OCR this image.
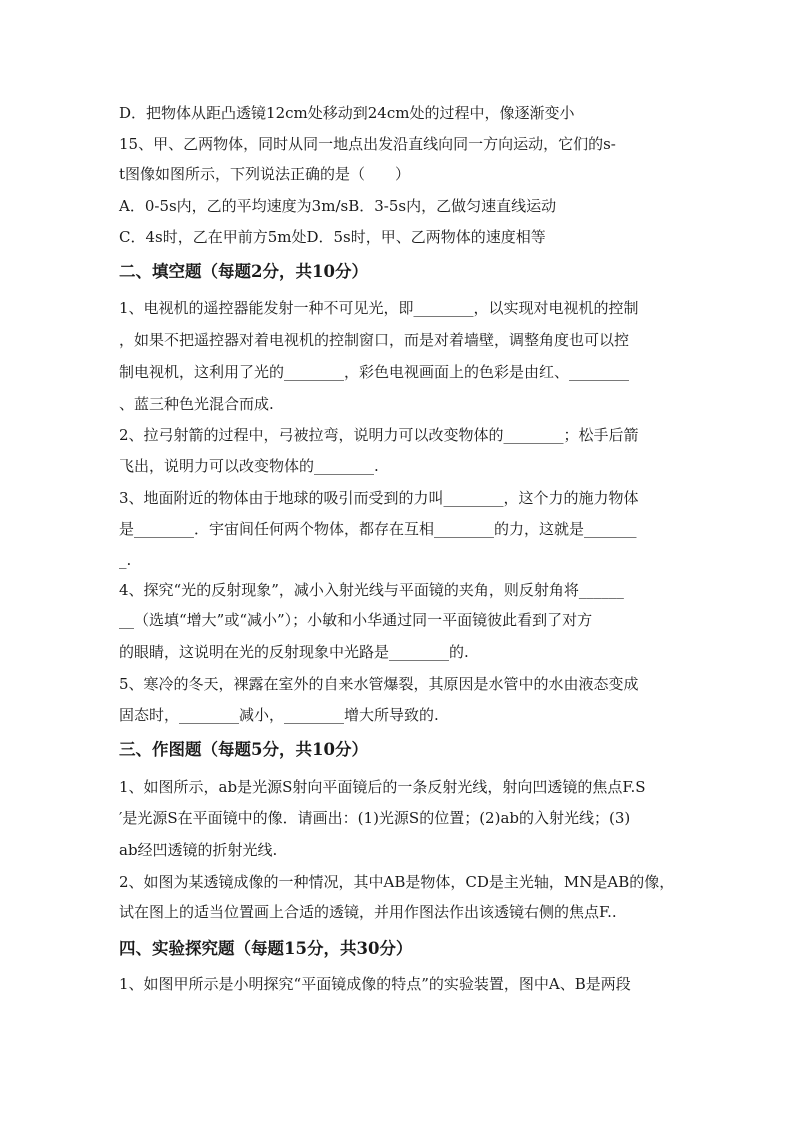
D．把物体从距凸透镜12cm处移动到24cm处的过程中，像逐渐变小
15、甲、乙两物体，同时从同一地点出发沿直线向同一方向运动，它们的s-
t图像如图所示，下列说法正确的是（　　）
A．0-5s内，乙的平均速度为3m/sB．3-5s内，乙做匀速直线运动
C．4s时，乙在甲前方5m处D．5s时，甲、乙两物体的速度相等
二、填空题（每题2分，共10分）
1、电视机的遥控器能发射一种不可见光，即________，以实现对电视机的控制
，如果不把遥控器对着电视机的控制窗口，而是对着墙壁，调整角度也可以控
制电视机，这利用了光的________，彩色电视画面上的色彩是由红、________
、蓝三种色光混合而成.
2、拉弓射箭的过程中，弓被拉弯，说明力可以改变物体的________；松手后箭
飞出，说明力可以改变物体的________.
3、地面附近的物体由于地球的吸引而受到的力叫________，这个力的施力物体
是________．宇宙间任何两个物体，都存在互相________的力，这就是_______
_.
4、探究“光的反射现象”，减小入射光线与平面镜的夹角，则反射角将______
__（选填“增大”或“减小”）；小敏和小华通过同一平面镜彼此看到了对方
的眼睛，这说明在光的反射现象中光路是________的.
5、寒冷的冬天，裸露在室外的自来水管爆裂，其原因是水管中的水由液态变成
固态时，________减小，________增大所导致的.
三、作图题（每题5分，共10分）
1、如图所示，ab是光源S射向平面镜后的一条反射光线，射向凹透镜的焦点F.S
′是光源S在平面镜中的像．请画出：(1)光源S的位置；(2)ab的入射光线；(3)
ab经凹透镜的折射光线.
2、如图为某透镜成像的一种情况，其中AB是物体，CD是主光轴，MN是AB的像，
试在图上的适当位置画上合适的透镜，并用作图法作出该透镜右侧的焦点F..
四、实验探究题（每题15分，共30分）
1、如图甲所示是小明探究“平面镜成像的特点”的实验装置，图中A、B是两段
